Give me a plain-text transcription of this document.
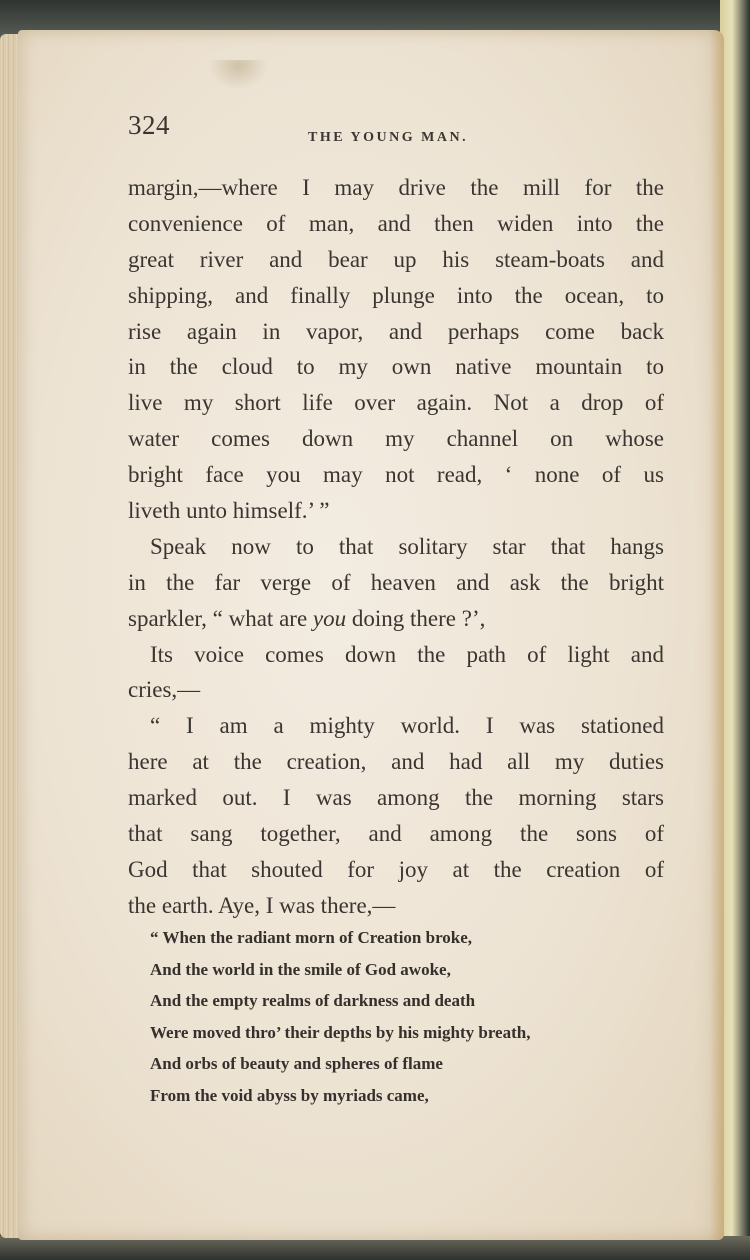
324	THE YOUNG MAN.
margin,—where I may drive the mill for the
convenience of man, and then widen into the
great river and bear up his steam-boats and
shipping, and finally plunge into the ocean, to
rise again in vapor, and perhaps come back
in the cloud to my own native mountain to
live my short life over again. Not a drop of
water comes down my channel on whose
bright face you may not read, ‘ none of us
liveth unto himself.’ ”
Speak now to that solitary star that hangs
in the far verge of heaven and ask the bright
sparkler, “ what are you doing there ?’,
Its voice comes down the path of light and
cries,—
“ I am a mighty world. I was stationed
here at the creation, and had all my duties
marked out. I was among the morning stars
that sang together, and among the sons of
God that shouted for joy at the creation of
the earth. Aye, I was there,—
“ When the radiant morn of Creation broke,
And the world in the smile of God awoke,
And the empty realms of darkness and death
Were moved thro’ their depths by his mighty breath,
And orbs of beauty and spheres of flame
From the void abyss by myriads came,
